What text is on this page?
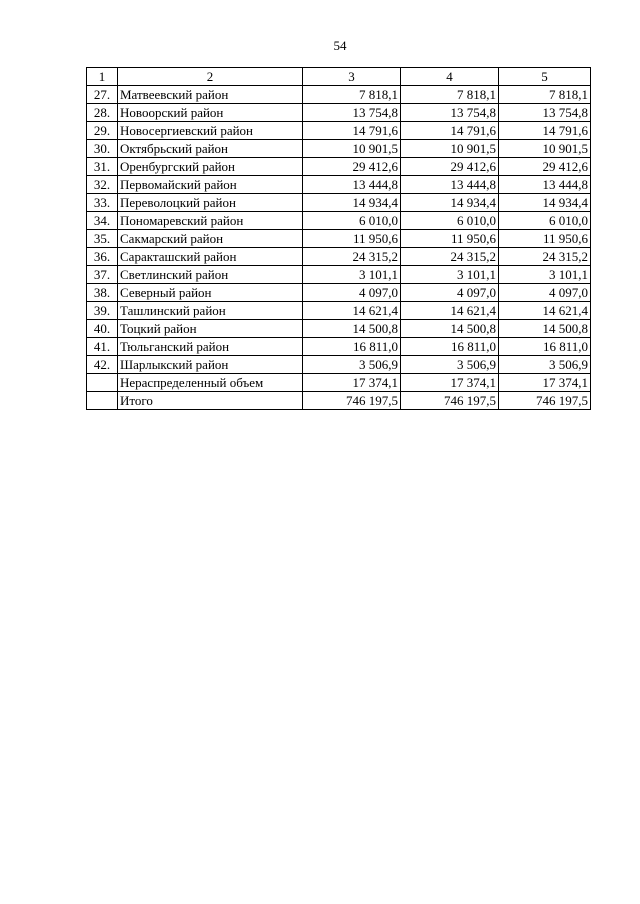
54
1	2	3	4	5
27.	Матвеевский район	7 818,1	7 818,1	7 818,1
28.	Новоорский район	13 754,8	13 754,8	13 754,8
29.	Новосергиевский район	14 791,6	14 791,6	14 791,6
30.	Октябрьский район	10 901,5	10 901,5	10 901,5
31.	Оренбургский район	29 412,6	29 412,6	29 412,6
32.	Первомайский район	13 444,8	13 444,8	13 444,8
33.	Переволоцкий район	14 934,4	14 934,4	14 934,4
34.	Пономаревский район	6 010,0	6 010,0	6 010,0
35.	Сакмарский район	11 950,6	11 950,6	11 950,6
36.	Саракташский район	24 315,2	24 315,2	24 315,2
37.	Светлинский район	3 101,1	3 101,1	3 101,1
38.	Северный район	4 097,0	4 097,0	4 097,0
39.	Ташлинский район	14 621,4	14 621,4	14 621,4
40.	Тоцкий район	14 500,8	14 500,8	14 500,8
41.	Тюльганский район	16 811,0	16 811,0	16 811,0
42.	Шарлыкский район	3 506,9	3 506,9	3 506,9
	Нераспределенный объем	17 374,1	17 374,1	17 374,1
	Итого	746 197,5	746 197,5	746 197,5
